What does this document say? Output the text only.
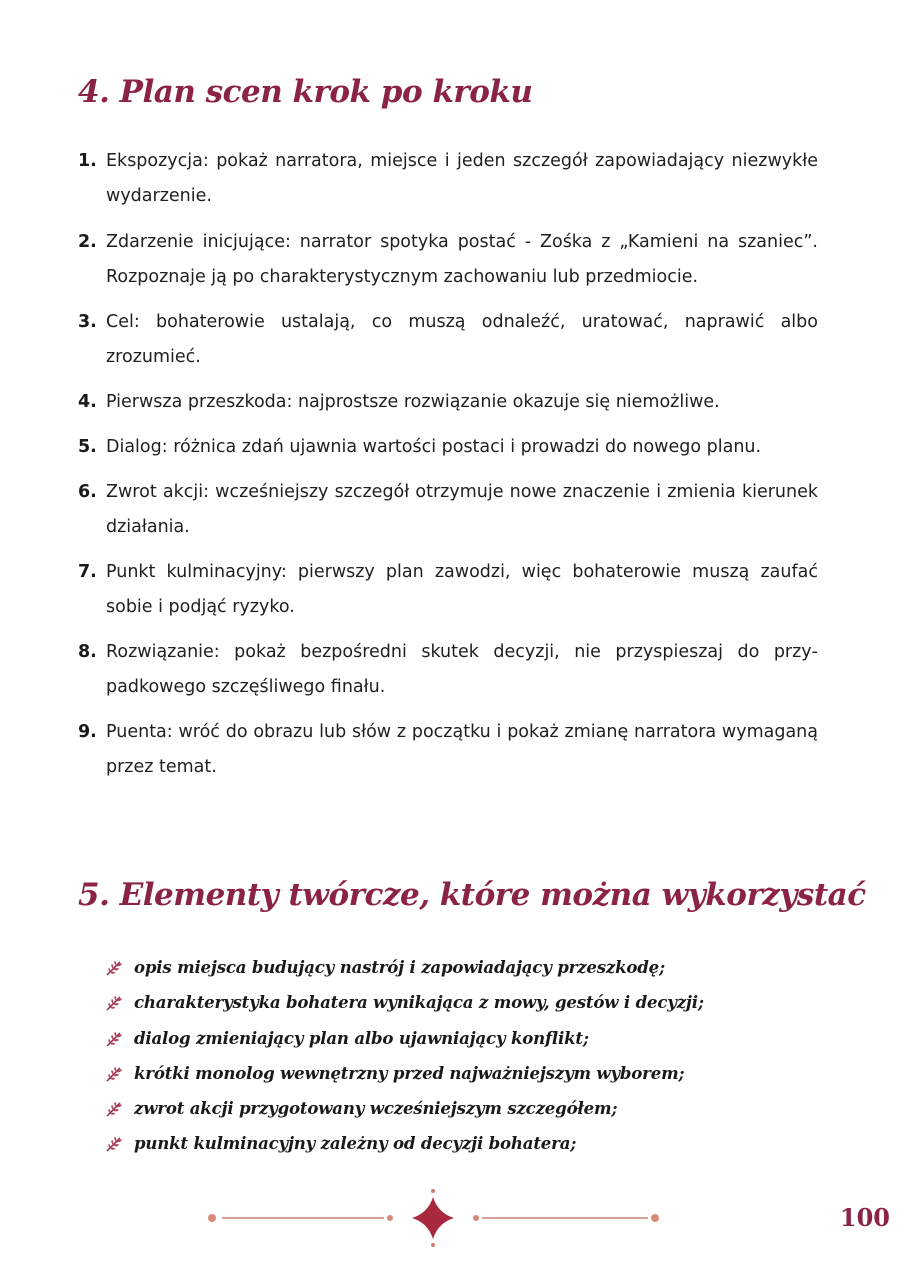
4. Plan scen krok po kroku
1. Ekspozycja: pokaż narratora, miejsce i jeden szczegół zapowiadający niezwykłe wydarzenie.
2. Zdarzenie inicjujące: narrator spotyka postać - Zośka z „Kamieni na szaniec”. Rozpoznaje ją po charakterystycznym zachowaniu lub przedmiocie.
3. Cel: bohaterowie ustalają, co muszą odnaleźć, uratować, naprawić albo zrozumieć.
4. Pierwsza przeszkoda: najprostsze rozwiązanie okazuje się niemożliwe.
5. Dialog: różnica zdań ujawnia wartości postaci i prowadzi do nowego planu.
6. Zwrot akcji: wcześniejszy szczegół otrzymuje nowe znaczenie i zmienia kierunek działania.
7. Punkt kulminacyjny: pierwszy plan zawodzi, więc bohaterowie muszą zaufać sobie i podjąć ryzyko.
8. Rozwiązanie: pokaż bezpośredni skutek decyzji, nie przyspieszaj do przypadkowego szczęśliwego finału.
9. Puenta: wróć do obrazu lub słów z początku i pokaż zmianę narratora wymaganą przez temat.
5. Elementy twórcze, które można wykorzystać
opis miejsca budujący nastrój i zapowiadający przeszkodę;
charakterystyka bohatera wynikająca z mowy, gestów i decyzji;
dialog zmieniający plan albo ujawniający konflikt;
krótki monolog wewnętrzny przed najważniejszym wyborem;
zwrot akcji przygotowany wcześniejszym szczegółem;
punkt kulminacyjny zależny od decyzji bohatera;
100
